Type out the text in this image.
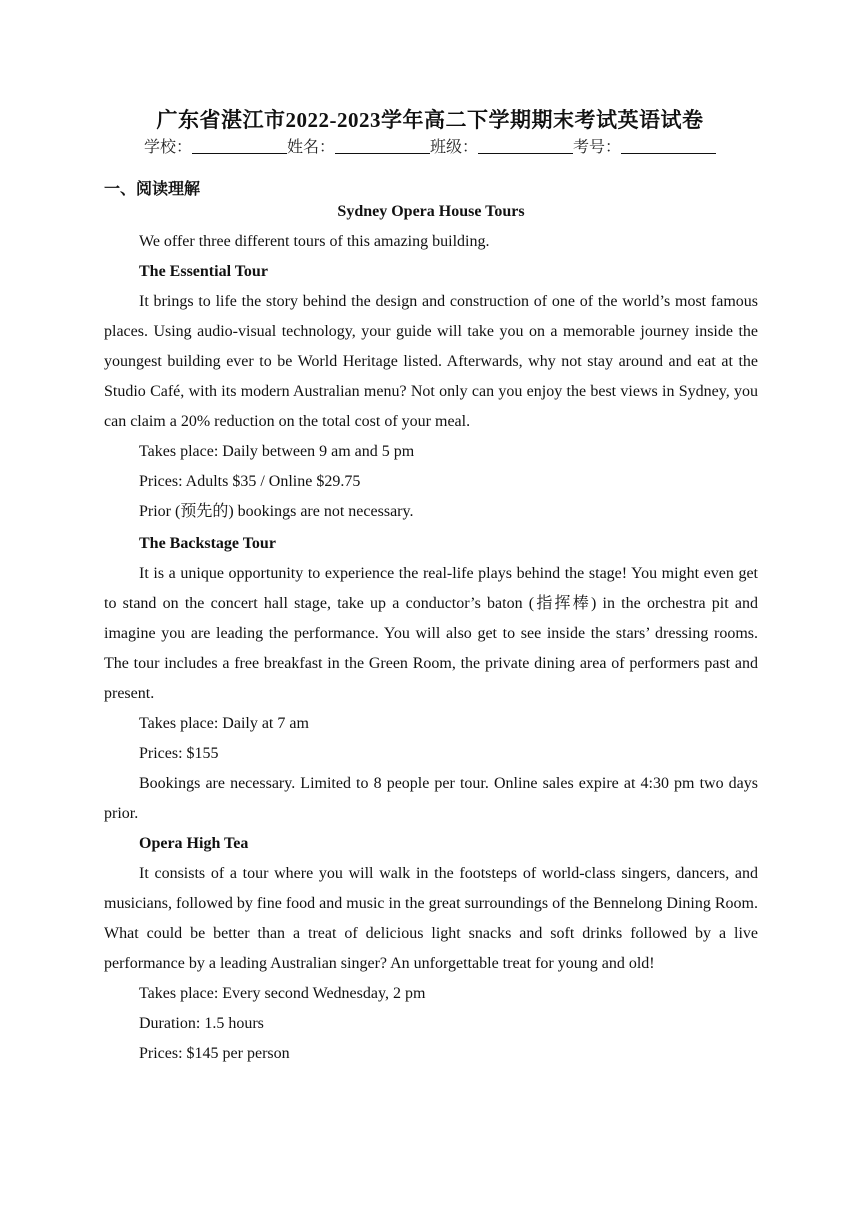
广东省湛江市2022-2023学年高二下学期期末考试英语试卷
学校：	姓名：	班级：	考号：
一、阅读理解

Sydney Opera House Tours

We offer three different tours of this amazing building.

The Essential Tour

It brings to life the story behind the design and construction of one of the world’s most famous places. Using audio-visual technology, your guide will take you on a memorable journey inside the youngest building ever to be World Heritage listed. Afterwards, why not stay around and eat at the Studio Café, with its modern Australian menu? Not only can you enjoy the best views in Sydney, you can claim a 20% reduction on the total cost of your meal.

Takes place: Daily between 9 am and 5 pm

Prices: Adults $35 / Online $29.75

Prior (预先的) bookings are not necessary.

The Backstage Tour

It is a unique opportunity to experience the real-life plays behind the stage! You might even get to stand on the concert hall stage, take up a conductor’s baton (指挥棒) in the orchestra pit and imagine you are leading the performance. You will also get to see inside the stars’ dressing rooms. The tour includes a free breakfast in the Green Room, the private dining area of performers past and present.

Takes place: Daily at 7 am

Prices: $155

Bookings are necessary. Limited to 8 people per tour. Online sales expire at 4:30 pm two days prior.

Opera High Tea

It consists of a tour where you will walk in the footsteps of world-class singers, dancers, and musicians, followed by fine food and music in the great surroundings of the Bennelong Dining Room. What could be better than a treat of delicious light snacks and soft drinks followed by a live performance by a leading Australian singer? An unforgettable treat for young and old!

Takes place: Every second Wednesday, 2 pm

Duration: 1.5 hours

Prices: $145 per person
